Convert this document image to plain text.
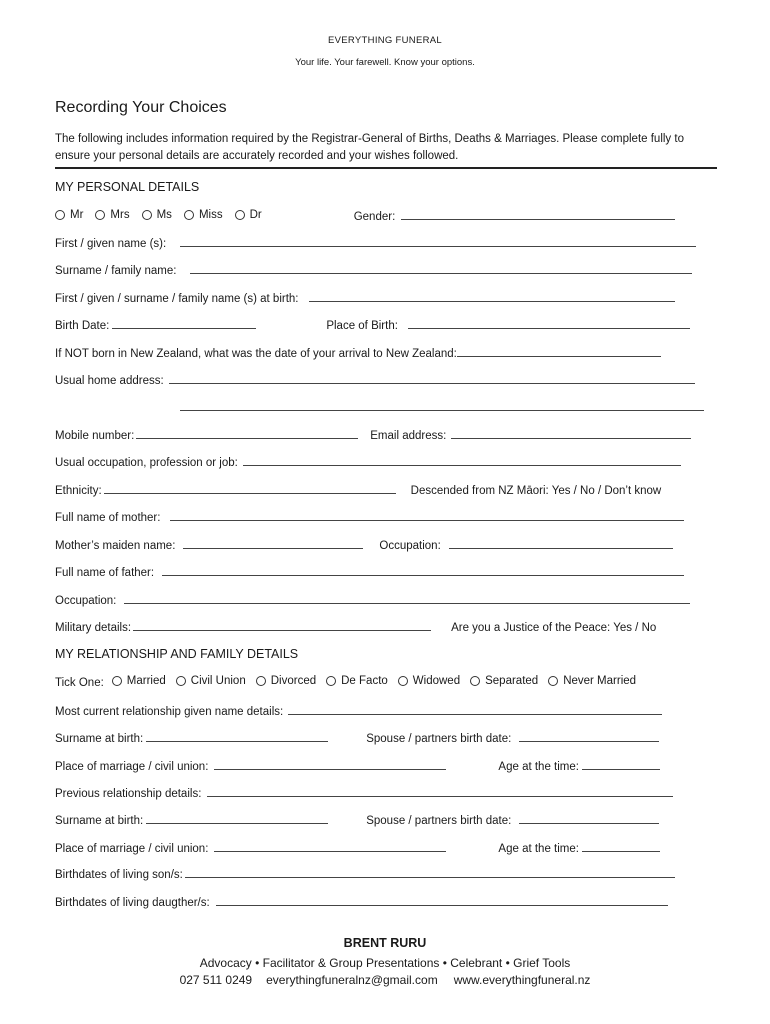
EVERYTHING FUNERAL
Your life. Your farewell. Know your options.
Recording Your Choices
The following includes information required by the Registrar-General of Births, Deaths & Marriages. Please complete fully to ensure your personal details are accurately recorded and your wishes followed.
MY PERSONAL DETAILS
Mr Mrs Ms Miss Dr	Gender:
First / given name (s):
Surname / family name:
First / given / surname / family name (s) at birth:
Birth Date:	Place of Birth:
If NOT born in New Zealand, what was the date of your arrival to New Zealand:
Usual home address:
Mobile number:	Email address:
Usual occupation, profession or job:
Ethnicity:	Descended from NZ Māori: Yes / No / Don’t know
Full name of mother:
Mother’s maiden name:	Occupation:
Full name of father:
Occupation:
Military details:	Are you a Justice of the Peace: Yes / No
MY RELATIONSHIP AND FAMILY DETAILS
Tick One: Married Civil Union Divorced De Facto Widowed Separated Never Married
Most current relationship given name details:
Surname at birth:	Spouse / partners birth date:
Place of marriage / civil union:	Age at the time:
Previous relationship details:
Surname at birth:	Spouse / partners birth date:
Place of marriage / civil union:	Age at the time:
Birthdates of living son/s:
Birthdates of living daugther/s:
BRENT RURU
Advocacy • Facilitator & Group Presentations • Celebrant • Grief Tools
027 511 0249 everythingfuneralnz@gmail.com www.everythingfuneral.nz
